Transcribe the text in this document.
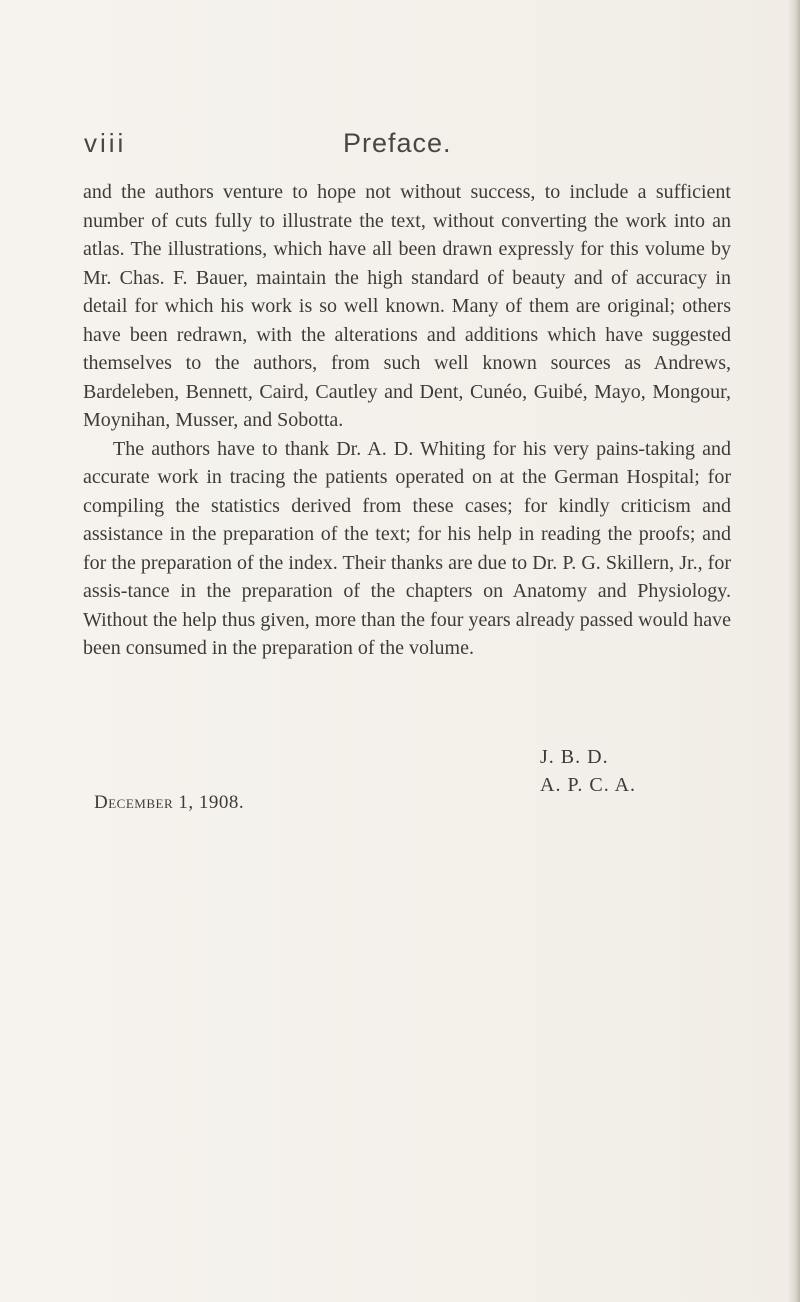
viii	Preface.

and the authors venture to hope not without success, to include a sufficient number of cuts fully to illustrate the text, without converting the work into an atlas. The illustrations, which have all been drawn expressly for this volume by Mr. Chas. F. Bauer, maintain the high standard of beauty and of accuracy in detail for which his work is so well known. Many of them are original; others have been redrawn, with the alterations and additions which have suggested themselves to the authors, from such well known sources as Andrews, Bardeleben, Bennett, Caird, Cautley and Dent, Cunéo, Guibé, Mayo, Mongour, Moynihan, Musser, and Sobotta.

The authors have to thank Dr. A. D. Whiting for his very pains-taking and accurate work in tracing the patients operated on at the German Hospital; for compiling the statistics derived from these cases; for kindly criticism and assistance in the preparation of the text; for his help in reading the proofs; and for the preparation of the index. Their thanks are due to Dr. P. G. Skillern, Jr., for assis-tance in the preparation of the chapters on Anatomy and Physiology. Without the help thus given, more than the four years already passed would have been consumed in the preparation of the volume.

J. B. D.
A. P. C. A.
December 1, 1908.
